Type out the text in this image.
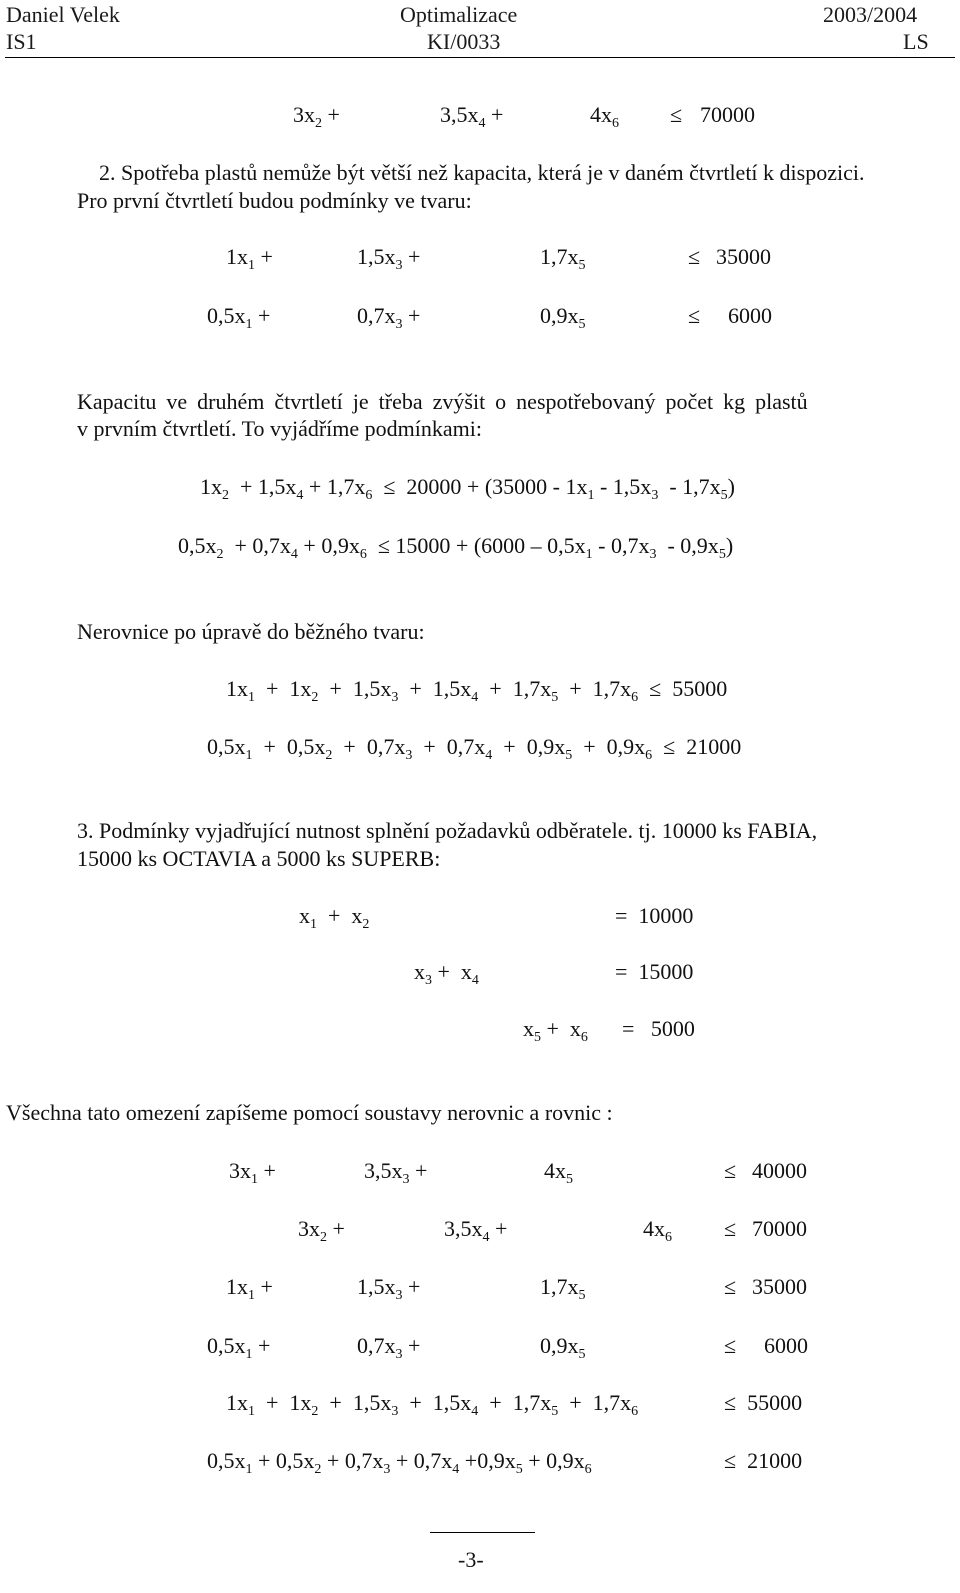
Daniel Velek	Optimalizace	2003/2004
IS1	KI/0033	LS
$3x_2$ +	$3,5x_4$ +	$4x_6 \le 70000$
2. Spotřeba plastů nemůže být větší než kapacita, která je v daném čtvrtletí k dispozici.
Pro první čtvrtletí budou podmínky ve tvaru:
$1x_1$ +	$1,5x_3$ +	$1,7x_5$	≤ 35000
$0,5x_1$ +	$0,7x_3$ +	$0,9x_5$	≤ 6000
Kapacitu ve druhém čtvrtletí je třeba zvýšit o nespotřebovaný počet kg plastů
v prvním čtvrtletí. To vyjádříme podmínkami:
$1x_2 + 1,5x_4 + 1,7x_6 \le 20000 + (35000 - 1x_1 - 1,5x_3 - 1,7x_5)$
$0,5x_2 + 0,7x_4 + 0,9x_6 \le 15000 + (6000 - 0,5x_1 - 0,7x_3 - 0,9x_5)$
Nerovnice po úpravě do běžného tvaru:
$1x_1 + 1x_2 + 1,5x_3 + 1,5x_4 + 1,7x_5 + 1,7x_6 \le 55000$
$0,5x_1 + 0,5x_2 + 0,7x_3 + 0,7x_4 + 0,9x_5 + 0,9x_6 \le 21000$
3. Podmínky vyjadřující nutnost splnění požadavků odběratele. tj. 10000 ks FABIA,
15000 ks OCTAVIA a 5000 ks SUPERB:
$x_1 + x_2$	= 10000
$x_3 + x_4$	= 15000
$x_5 + x_6 = 5000$
Všechna tato omezení zapíšeme pomocí soustavy nerovnic a rovnic :
$3x_1$ +	$3,5x_3$ +	$4x_5$	≤ 40000
$3x_2$ +	$3,5x_4$ +	$4x_6 \le 70000$
$1x_1$ +	$1,5x_3$ +	$1,7x_5$	≤ 35000
$0,5x_1$ +	$0,7x_3$ +	$0,9x_5$	≤ 6000
$1x_1 + 1x_2 + 1,5x_3 + 1,5x_4 + 1,7x_5 + 1,7x_6$	≤ 55000
$0,5x_1 + 0,5x_2 + 0,7x_3 + 0,7x_4 +0,9x_5 + 0,9x_6$	≤ 21000
-3-
